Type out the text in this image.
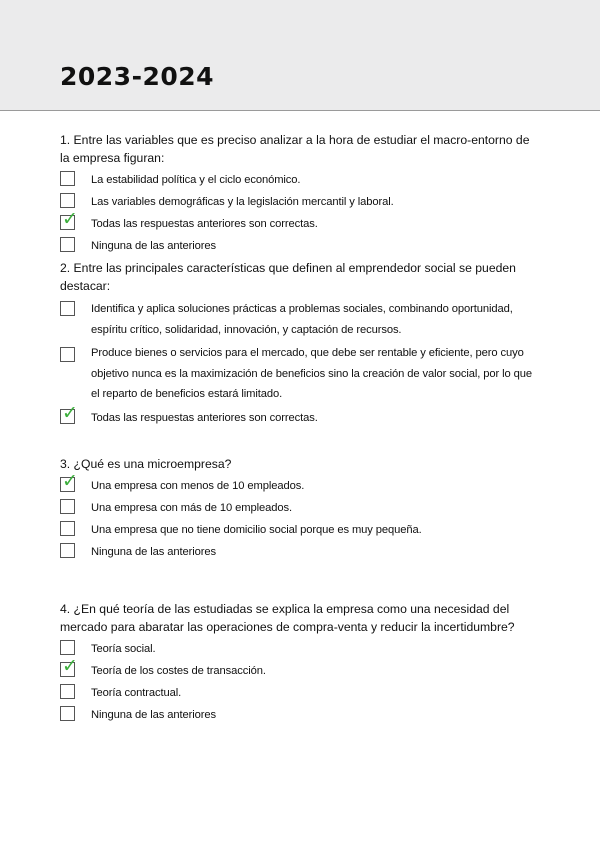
2023-2024

1. Entre las variables que es preciso analizar a la hora de estudiar el macro-entorno de la empresa figuran:

La estabilidad política y el ciclo económico.
Las variables demográficas y la legislación mercantil y laboral.
✓ Todas las respuestas anteriores son correctas.
Ninguna de las anteriores

2. Entre las principales características que definen al emprendedor social se pueden destacar:

Identifica y aplica soluciones prácticas a problemas sociales, combinando oportunidad, espíritu crítico, solidaridad, innovación, y captación de recursos.
Produce bienes o servicios para el mercado, que debe ser rentable y eficiente, pero cuyo objetivo nunca es la maximización de beneficios sino la creación de valor social, por lo que el reparto de beneficios estará limitado.
✓ Todas las respuestas anteriores son correctas.

3. ¿Qué es una microempresa?

✓ Una empresa con menos de 10 empleados.
Una empresa con más de 10 empleados.
Una empresa que no tiene domicilio social porque es muy pequeña.
Ninguna de las anteriores

4. ¿En qué teoría de las estudiadas se explica la empresa como una necesidad del mercado para abaratar las operaciones de compra-venta y reducir la incertidumbre?

Teoría social.
✓ Teoría de los costes de transacción.
Teoría contractual.
Ninguna de las anteriores
